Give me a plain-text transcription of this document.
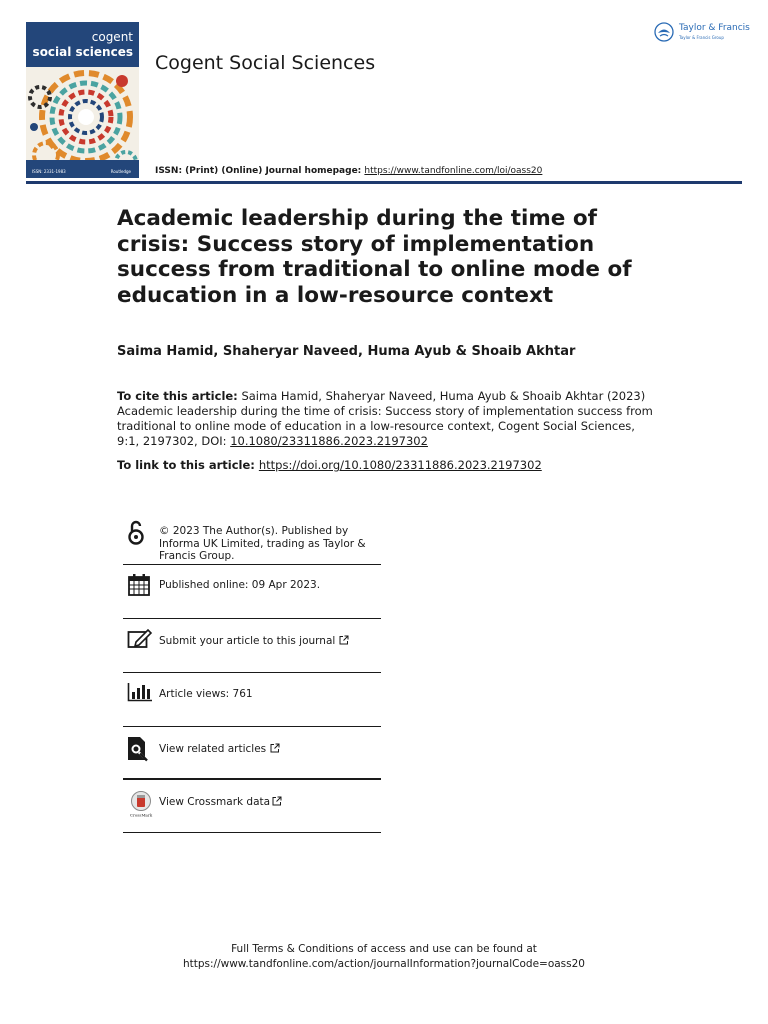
cogent
social sciences
ISSN: 2331-1983	Routledge
Cogent Social Sciences
ISSN: (Print) (Online) Journal homepage: https://www.tandfonline.com/loi/oass20
Taylor & Francis
Taylor & Francis Group
Academic leadership during the time of crisis: Success story of implementation success from traditional to online mode of education in a low-resource context
Saima Hamid, Shaheryar Naveed, Huma Ayub & Shoaib Akhtar
To cite this article: Saima Hamid, Shaheryar Naveed, Huma Ayub & Shoaib Akhtar (2023) Academic leadership during the time of crisis: Success story of implementation success from traditional to online mode of education in a low-resource context, Cogent Social Sciences, 9:1, 2197302, DOI: 10.1080/23311886.2023.2197302
To link to this article: https://doi.org/10.1080/23311886.2023.2197302
© 2023 The Author(s). Published by Informa UK Limited, trading as Taylor & Francis Group.
Published online: 09 Apr 2023.
Submit your article to this journal
Article views: 761
View related articles
CrossMark
View Crossmark data
Full Terms & Conditions of access and use can be found at
https://www.tandfonline.com/action/journalInformation?journalCode=oass20
